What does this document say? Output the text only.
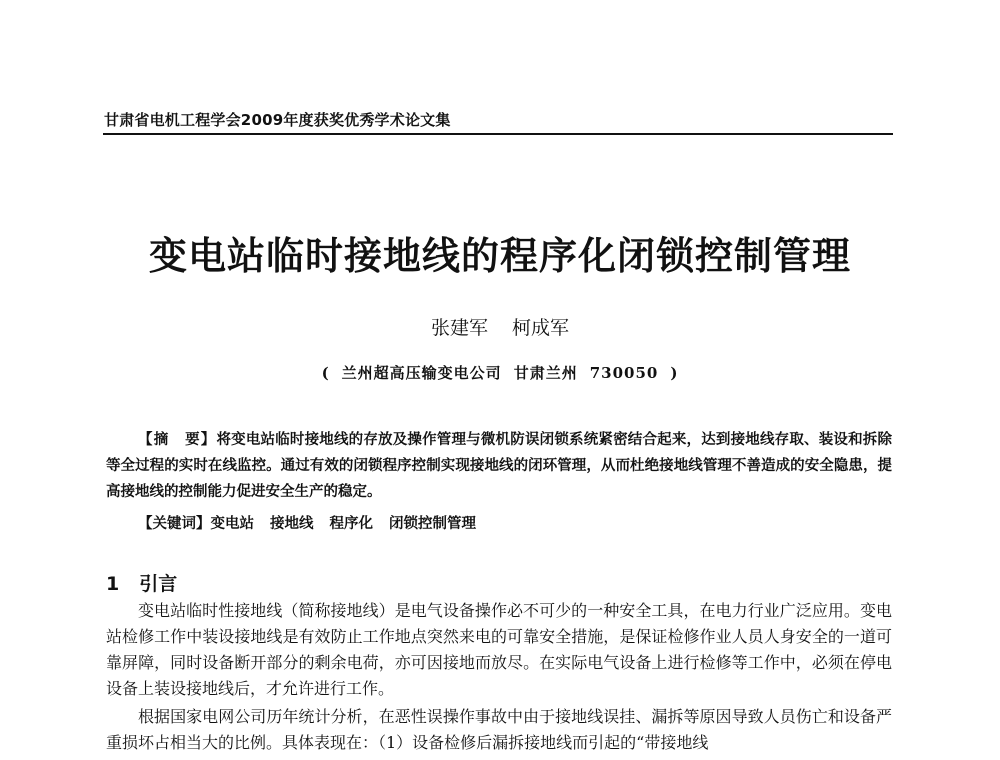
甘肃省电机工程学会2009年度获奖优秀学术论文集
变电站临时接地线的程序化闭锁控制管理
张建军 柯成军
( 兰州超高压输变电公司 甘肃兰州 730050 )

【摘　要】将变电站临时接地线的存放及操作管理与微机防误闭锁系统紧密结合起来，达到接地线存取、装设和拆除等全过程的实时在线监控。通过有效的闭锁程序控制实现接地线的闭环管理，从而杜绝接地线管理不善造成的安全隐患，提高接地线的控制能力促进安全生产的稳定。

【关键词】变电站 接地线 程序化 闭锁控制管理
1 引言

变电站临时性接地线（简称接地线）是电气设备操作必不可少的一种安全工具，在电力行业广泛应用。变电站检修工作中装设接地线是有效防止工作地点突然来电的可靠安全措施，是保证检修作业人员人身安全的一道可靠屏障，同时设备断开部分的剩余电荷，亦可因接地而放尽。在实际电气设备上进行检修等工作中，必须在停电设备上装设接地线后，才允许进行工作。

根据国家电网公司历年统计分析，在恶性误操作事故中由于接地线误挂、漏拆等原因导致人员伤亡和设备严重损坏占相当大的比例。具体表现在：（1）设备检修后漏拆接地线而引起的“带接地线
